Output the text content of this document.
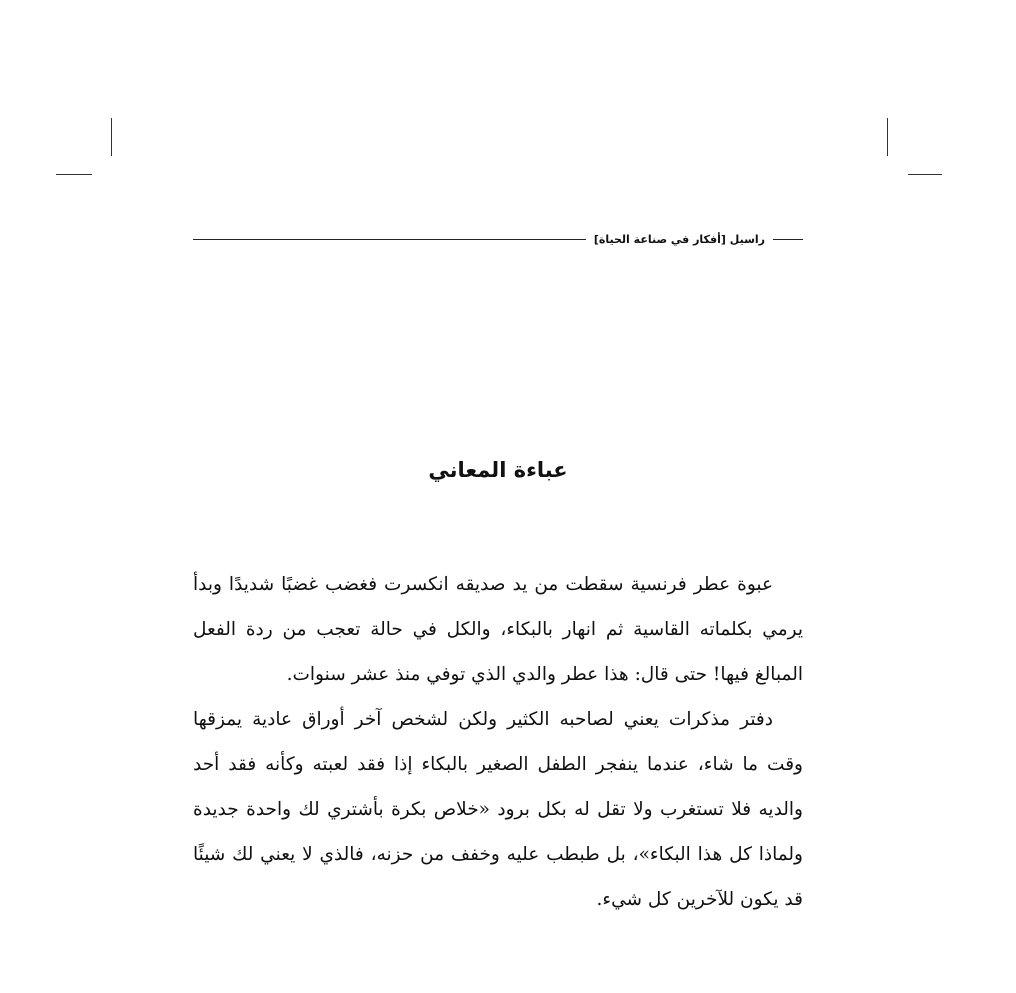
راسيل [أفكار في صناعة الحياة]
عباءة المعاني

عبوة عطر فرنسية سقطت من يد صديقه انكسرت فغضب غضبًا شديدًا وبدأ يرمي بكلماته القاسية ثم انهار بالبكاء، والكل في حالة تعجب من ردة الفعل المبالغ فيها! حتى قال: هذا عطر والدي الذي توفي منذ عشر سنوات.

دفتر مذكرات يعني لصاحبه الكثير ولكن لشخص آخر أوراق عادية يمزقها وقت ما شاء، عندما ينفجر الطفل الصغير بالبكاء إذا فقد لعبته وكأنه فقد أحد والديه فلا تستغرب ولا تقل له بكل برود «خلاص بكرة بأشتري لك واحدة جديدة ولماذا كل هذا البكاء»، بل طبطب عليه وخفف من حزنه، فالذي لا يعني لك شيئًا قد يكون للآخرين كل شيء.
